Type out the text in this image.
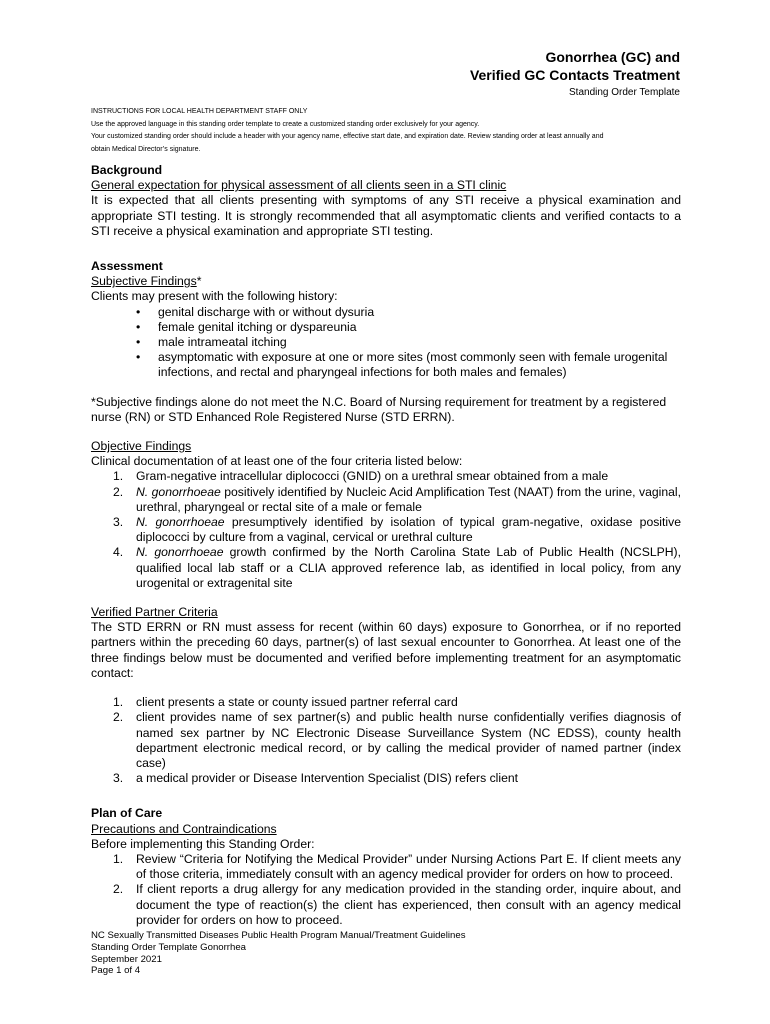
Gonorrhea (GC) and
Verified GC Contacts Treatment
Standing Order Template
INSTRUCTIONS FOR LOCAL HEALTH DEPARTMENT STAFF ONLY
Use the approved language in this standing order template to create a customized standing order exclusively for your agency.
Your customized standing order should include a header with your agency name, effective start date, and expiration date. Review standing order at least annually and
obtain Medical Director’s signature.

Background

General expectation for physical assessment of all clients seen in a STI clinic

It is expected that all clients presenting with symptoms of any STI receive a physical examination and appropriate STI testing. It is strongly recommended that all asymptomatic clients and verified contacts to a STI receive a physical examination and appropriate STI testing.

Assessment

Subjective Findings*

Clients may present with the following history:

• genital discharge with or without dysuria
• female genital itching or dyspareunia
• male intrameatal itching
• asymptomatic with exposure at one or more sites (most commonly seen with female urogenital infections, and rectal and pharyngeal infections for both males and females)

*Subjective findings alone do not meet the N.C. Board of Nursing requirement for treatment by a registered nurse (RN) or STD Enhanced Role Registered Nurse (STD ERRN).

Objective Findings

Clinical documentation of at least one of the four criteria listed below:

1. Gram-negative intracellular diplococci (GNID) on a urethral smear obtained from a male
2. N. gonorrhoeae positively identified by Nucleic Acid Amplification Test (NAAT) from the urine, vaginal, urethral, pharyngeal or rectal site of a male or female
3. N. gonorrhoeae presumptively identified by isolation of typical gram-negative, oxidase positive diplococci by culture from a vaginal, cervical or urethral culture
4. N. gonorrhoeae growth confirmed by the North Carolina State Lab of Public Health (NCSLPH), qualified local lab staff or a CLIA approved reference lab, as identified in local policy, from any urogenital or extragenital site

Verified Partner Criteria

The STD ERRN or RN must assess for recent (within 60 days) exposure to Gonorrhea, or if no reported partners within the preceding 60 days, partner(s) of last sexual encounter to Gonorrhea. At least one of the three findings below must be documented and verified before implementing treatment for an asymptomatic contact:

1. client presents a state or county issued partner referral card
2. client provides name of sex partner(s) and public health nurse confidentially verifies diagnosis of named sex partner by NC Electronic Disease Surveillance System (NC EDSS), county health department electronic medical record, or by calling the medical provider of named partner (index case)
3. a medical provider or Disease Intervention Specialist (DIS) refers client

Plan of Care

Precautions and Contraindications

Before implementing this Standing Order:

1. Review “Criteria for Notifying the Medical Provider” under Nursing Actions Part E. If client meets any of those criteria, immediately consult with an agency medical provider for orders on how to proceed.
2. If client reports a drug allergy for any medication provided in the standing order, inquire about, and document the type of reaction(s) the client has experienced, then consult with an agency medical provider for orders on how to proceed.
NC Sexually Transmitted Diseases Public Health Program Manual/Treatment Guidelines
Standing Order Template Gonorrhea
September 2021
Page 1 of 4
